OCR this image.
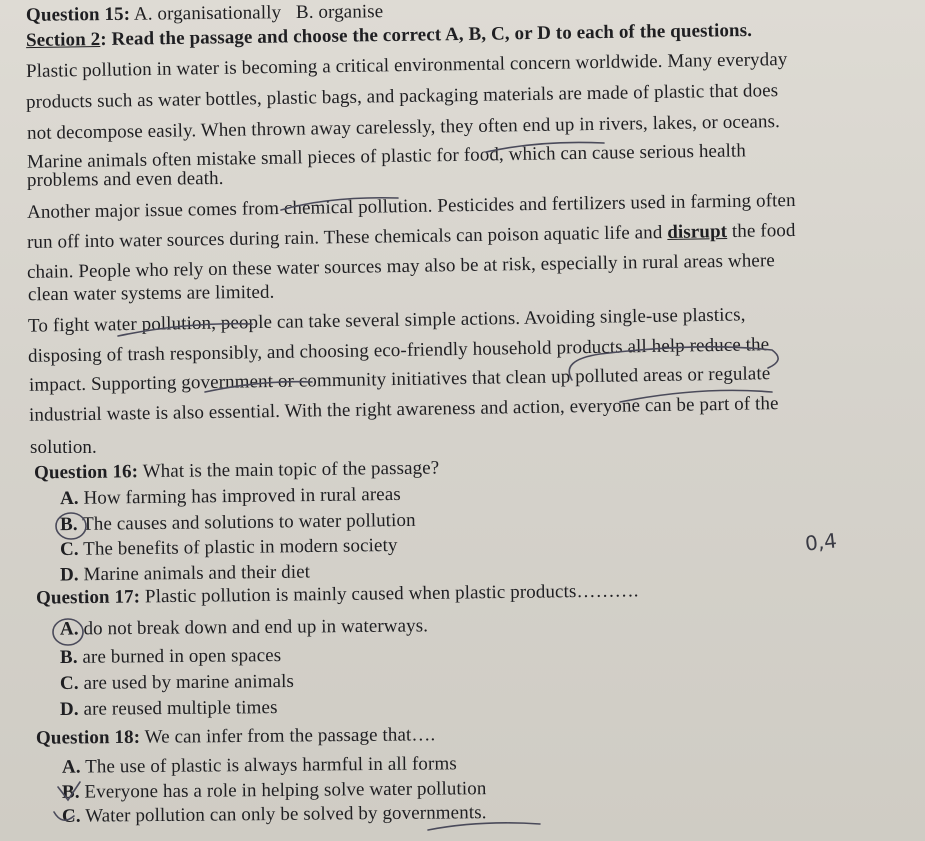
Question 15: A. organisationally B. organise
Section 2: Read the passage and choose the correct A, B, C, or D to each of the questions.
Plastic pollution in water is becoming a critical environmental concern worldwide. Many everyday
products such as water bottles, plastic bags, and packaging materials are made of plastic that does
not decompose easily. When thrown away carelessly, they often end up in rivers, lakes, or oceans.
Marine animals often mistake small pieces of plastic for food, which can cause serious health
problems and even death.
Another major issue comes from chemical pollution. Pesticides and fertilizers used in farming often
run off into water sources during rain. These chemicals can poison aquatic life and disrupt the food
chain. People who rely on these water sources may also be at risk, especially in rural areas where
clean water systems are limited.
To fight water pollution, people can take several simple actions. Avoiding single-use plastics,
disposing of trash responsibly, and choosing eco-friendly household products all help reduce the
impact. Supporting government or community initiatives that clean up polluted areas or regulate
industrial waste is also essential. With the right awareness and action, everyone can be part of the
solution.
Question 16: What is the main topic of the passage?
A. How farming has improved in rural areas
B. The causes and solutions to water pollution
C. The benefits of plastic in modern society
D. Marine animals and their diet
Question 17: Plastic pollution is mainly caused when plastic products……….
A. do not break down and end up in waterways.
B. are burned in open spaces
C. are used by marine animals
D. are reused multiple times
Question 18: We can infer from the passage that….
A. The use of plastic is always harmful in all forms
B. Everyone has a role in helping solve water pollution
C. Water pollution can only be solved by governments.
0,4
